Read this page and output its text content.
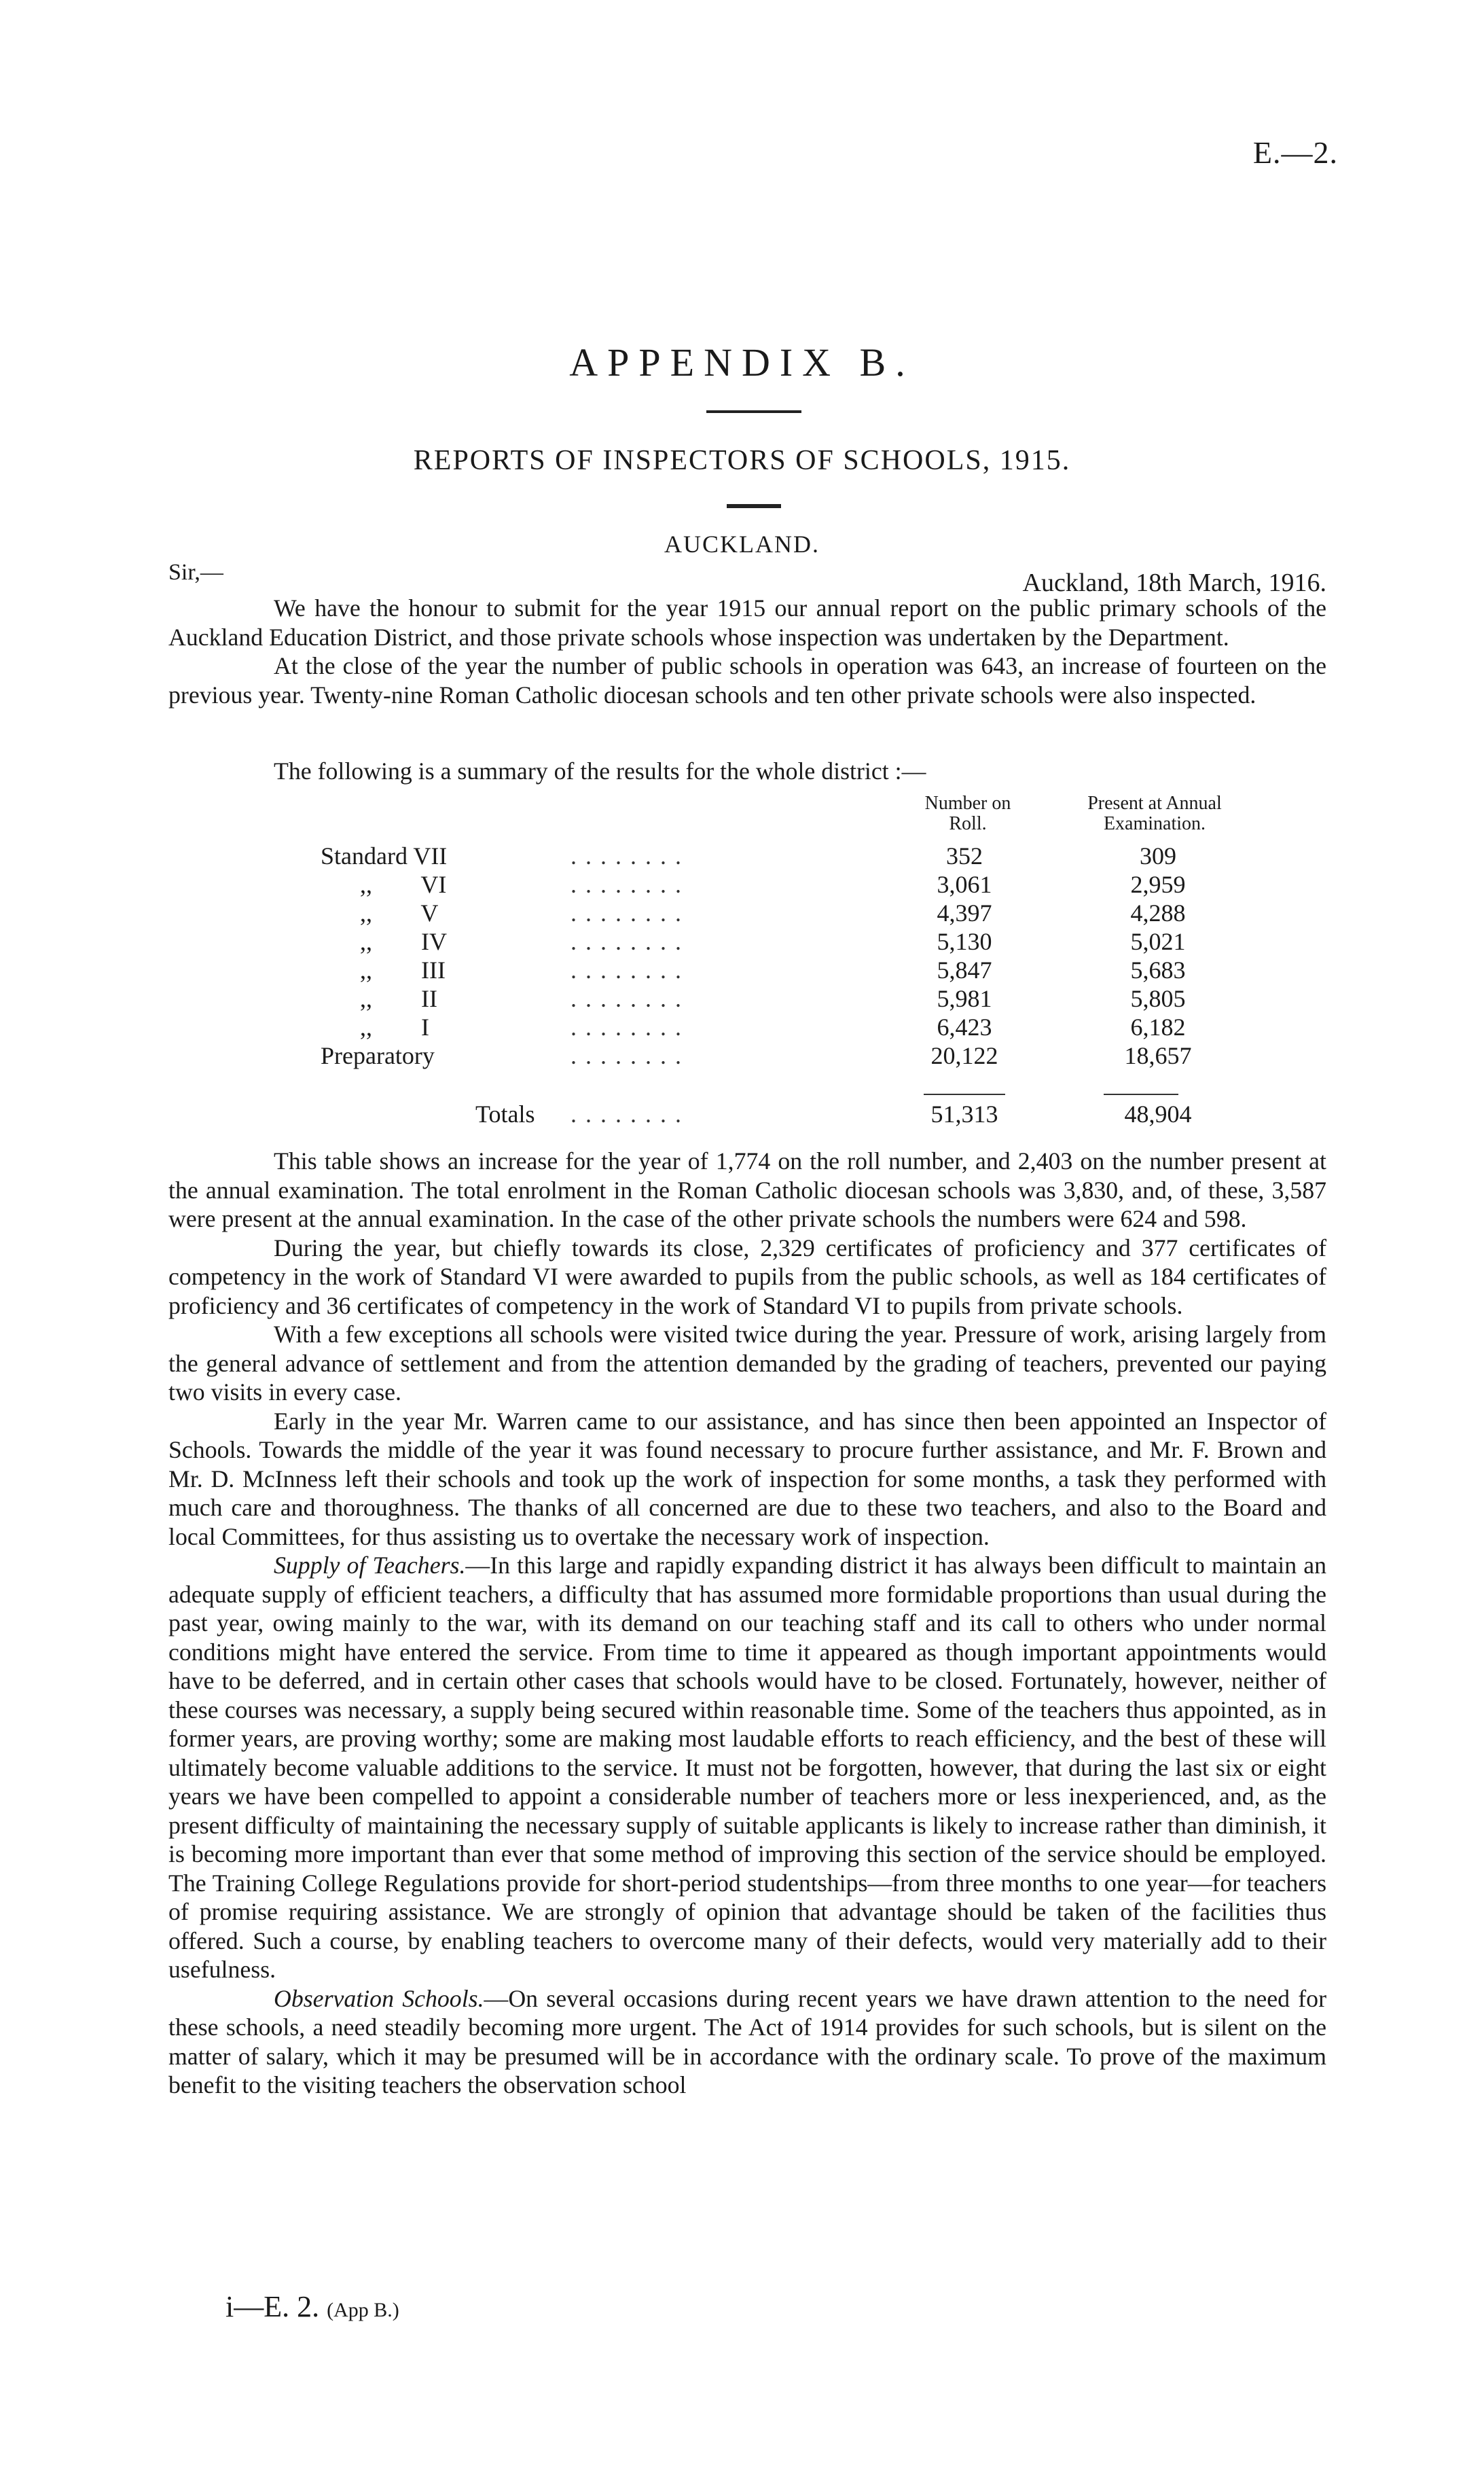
E.—2.
APPENDIX B.
REPORTS OF INSPECTORS OF SCHOOLS, 1915.
AUCKLAND.
Sir,—	Auckland, 18th March, 1916.

We have the honour to submit for the year 1915 our annual report on the public primary schools of the Auckland Education District, and those private schools whose inspection was undertaken by the Department.

At the close of the year the number of public schools in operation was 643, an increase of fourteen on the previous year. Twenty-nine Roman Catholic diocesan schools and ten other private schools were also inspected.

The following is a summary of the results for the whole district :—

Number on Roll.
Present at Annual Examination.
Standard VII	. . . . . . . .	352	309
,,        VI	. . . . . . . .	3,061	2,959
,,        V	. . . . . . . .	4,397	4,288
,,        IV	. . . . . . . .	5,130	5,021
,,        III	. . . . . . . .	5,847	5,683
,,        II	. . . . . . . .	5,981	5,805
,,        I	. . . . . . . .	6,423	6,182
Preparatory	. . . . . . . .	20,122	18,657
Totals . . . . . . . .	51,313	48,904

This table shows an increase for the year of 1,774 on the roll number, and 2,403 on the number present at the annual examination. The total enrolment in the Roman Catholic diocesan schools was 3,830, and, of these, 3,587 were present at the annual examination. In the case of the other private schools the numbers were 624 and 598.

During the year, but chiefly towards its close, 2,329 certificates of proficiency and 377 certificates of competency in the work of Standard VI were awarded to pupils from the public schools, as well as 184 certificates of proficiency and 36 certificates of competency in the work of Standard VI to pupils from private schools.

With a few exceptions all schools were visited twice during the year. Pressure of work, arising largely from the general advance of settlement and from the attention demanded by the grading of teachers, prevented our paying two visits in every case.

Early in the year Mr. Warren came to our assistance, and has since then been appointed an Inspector of Schools. Towards the middle of the year it was found necessary to procure further assistance, and Mr. F. Brown and Mr. D. McInness left their schools and took up the work of inspection for some months, a task they performed with much care and thoroughness. The thanks of all concerned are due to these two teachers, and also to the Board and local Committees, for thus assisting us to overtake the necessary work of inspection.

Supply of Teachers.—In this large and rapidly expanding district it has always been difficult to maintain an adequate supply of efficient teachers, a difficulty that has assumed more formidable proportions than usual during the past year, owing mainly to the war, with its demand on our teaching staff and its call to others who under normal conditions might have entered the service. From time to time it appeared as though important appointments would have to be deferred, and in certain other cases that schools would have to be closed. Fortunately, however, neither of these courses was necessary, a supply being secured within reasonable time. Some of the teachers thus appointed, as in former years, are proving worthy; some are making most laudable efforts to reach efficiency, and the best of these will ultimately become valuable additions to the service. It must not be forgotten, however, that during the last six or eight years we have been compelled to appoint a considerable number of teachers more or less inexperienced, and, as the present difficulty of maintaining the necessary supply of suitable applicants is likely to increase rather than diminish, it is becoming more important than ever that some method of improving this section of the service should be employed. The Training College Regulations provide for short-period studentships—from three months to one year—for teachers of promise requiring assistance. We are strongly of opinion that advantage should be taken of the facilities thus offered. Such a course, by enabling teachers to overcome many of their defects, would very materially add to their usefulness.

Observation Schools.—On several occasions during recent years we have drawn attention to the need for these schools, a need steadily becoming more urgent. The Act of 1914 provides for such schools, but is silent on the matter of salary, which it may be presumed will be in accordance with the ordinary scale. To prove of the maximum benefit to the visiting teachers the observation school

i—E. 2. (App B.)
